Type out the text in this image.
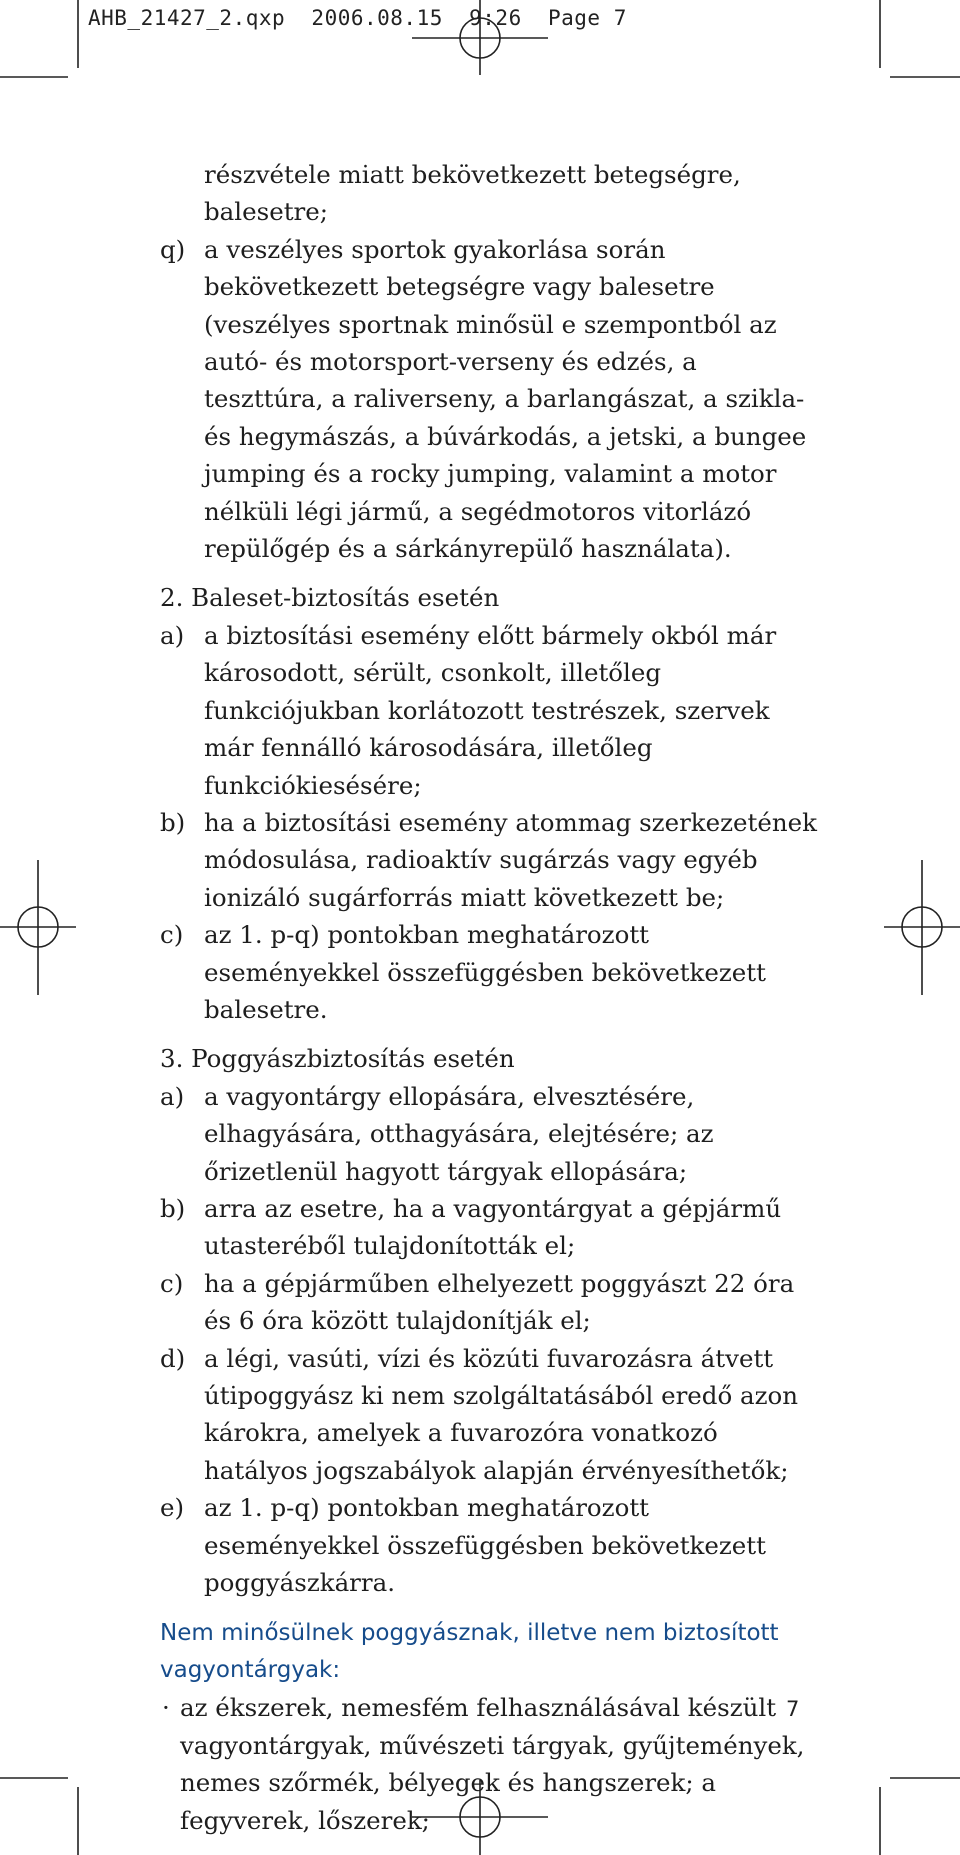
AHB_21427_2.qxp  2006.08.15  9:26  Page 7
részvétele miatt bekövetkezett betegségre, balesetre;
q) a veszélyes sportok gyakorlása során bekövetkezett betegségre vagy balesetre (veszélyes sportnak minősül e szempontból az autó- és motorsport-verseny és edzés, a teszttúra, a raliverseny, a barlangászat, a szikla- és hegymászás, a búvárkodás, a jetski, a bungee jumping és a rocky jumping, valamint a motor nélküli légi jármű, a segédmotoros vitorlázó repülőgép és a sárkányrepülő használata).
2. Baleset-biztosítás esetén
a) a biztosítási esemény előtt bármely okból már károsodott, sérült, csonkolt, illetőleg funkciójukban korlátozott testrészek, szervek már fennálló károsodására, illetőleg funkciókiesésére;
b) ha a biztosítási esemény atommag szerkezetének módosulása, radioaktív sugárzás vagy egyéb ionizáló sugárforrás miatt következett be;
c) az 1. p-q) pontokban meghatározott eseményekkel összefüggésben bekövetkezett balesetre.
3. Poggyászbiztosítás esetén
a) a vagyontárgy ellopására, elvesztésére, elhagyására, otthagyására, elejtésére; az őrizetlenül hagyott tárgyak ellopására;
b) arra az esetre, ha a vagyontárgyat a gépjármű utasteréből tulajdonították el;
c) ha a gépjárműben elhelyezett poggyászt 22 óra és 6 óra között tulajdonítják el;
d) a légi, vasúti, vízi és közúti fuvarozásra átvett útipoggyász ki nem szolgáltatásából eredő azon károkra, amelyek a fuvarozóra vonatkozó hatályos jogszabályok alapján érvényesíthetők;
e) az 1. p-q) pontokban meghatározott eseményekkel összefüggésben bekövetkezett poggyászkárra.
Nem minősülnek poggyásznak, illetve nem biztosított vagyontárgyak:
· az ékszerek, nemesfém felhasználásával készült vagyontárgyak, művészeti tárgyak, gyűjtemények, nemes szőrmék, bélyegek és hangszerek; a fegyverek, lőszerek;
7
